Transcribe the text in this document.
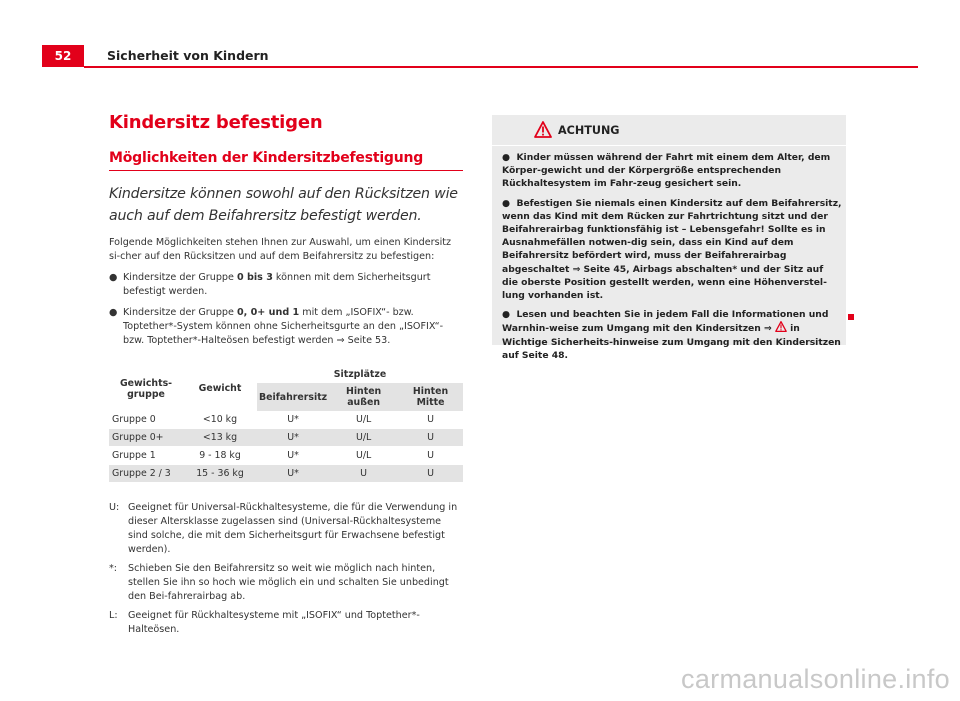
52	Sicherheit von Kindern
Kindersitz befestigen
Möglichkeiten der Kindersitzbefestigung

Kindersitze können sowohl auf den Rücksitzen wie auch auf dem Beifahrersitz befestigt werden.

Folgende Möglichkeiten stehen Ihnen zur Auswahl, um einen Kindersitz si-cher auf den Rücksitzen und auf dem Beifahrersitz zu befestigen:

● Kindersitze der Gruppe 0 bis 3 können mit dem Sicherheitsgurt befestigt werden.
● Kindersitze der Gruppe 0, 0+ und 1 mit dem „ISOFIX“- bzw. Toptether*-System können ohne Sicherheitsgurte an den „ISOFIX“- bzw. Toptether*-Halteösen befestigt werden ⇒ Seite 53.
Gewichts-gruppe	Gewicht	Sitzplätze		
		Beifahrersitz	Hinten außen	Hinten Mitte
Gruppe 0	<10 kg	U*	U/L	U
Gruppe 0+	<13 kg	U*	U/L	U
Gruppe 1	9 - 18 kg	U*	U/L	U
Gruppe 2 / 3	15 - 36 kg	U*	U	U
U: Geeignet für Universal-Rückhaltesysteme, die für die Verwendung in dieser Altersklasse zugelassen sind (Universal-Rückhaltesysteme sind solche, die mit dem Sicherheitsgurt für Erwachsene befestigt werden).
*:	Schieben Sie den Beifahrersitz so weit wie möglich nach hinten, stellen Sie ihn so hoch wie möglich ein und schalten Sie unbedingt den Bei-fahrerairbag ab.
L:	Geeignet für Rückhaltesysteme mit „ISOFIX“ und Toptether*-Halteösen.
ACHTUNG

● Kinder müssen während der Fahrt mit einem dem Alter, dem Körper-gewicht und der Körpergröße entsprechenden Rückhaltesystem im Fahr-zeug gesichert sein.

● Befestigen Sie niemals einen Kindersitz auf dem Beifahrersitz, wenn das Kind mit dem Rücken zur Fahrtrichtung sitzt und der Beifahrerairbag funktionsfähig ist – Lebensgefahr! Sollte es in Ausnahmefällen notwen-dig sein, dass ein Kind auf dem Beifahrersitz befördert wird, muss der Beifahrerairbag abgeschaltet ⇒ Seite 45, Airbags abschalten* und der Sitz auf die oberste Position gestellt werden, wenn eine Höhenverstel-lung vorhanden ist.

● Lesen und beachten Sie in jedem Fall die Informationen und Warnhin-weise zum Umgang mit den Kindersitzen ⇒  in Wichtige Sicherheits-hinweise zum Umgang mit den Kindersitzen auf Seite 48.

carmanualsonline.info
